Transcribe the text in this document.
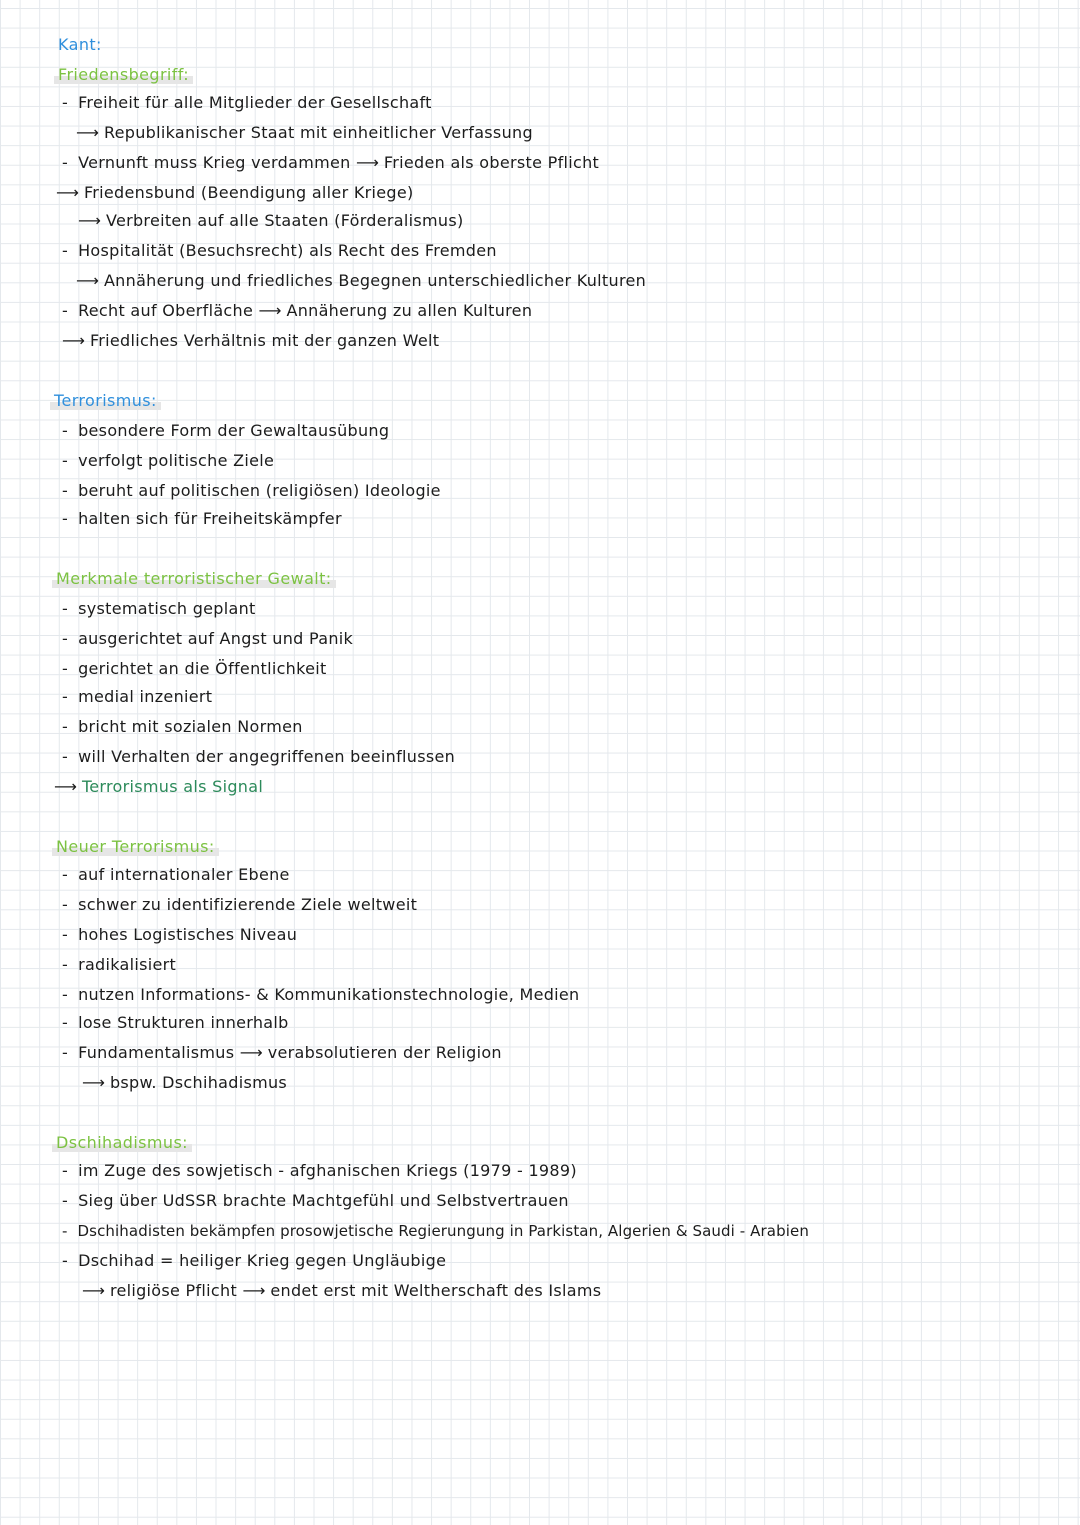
Kant:
Friedensbegriff:
- Freiheit für alle Mitglieder der Gesellschaft
⟶ Republikanischer Staat mit einheitlicher Verfassung
- Vernunft muss Krieg verdammen ⟶ Frieden als oberste Pflicht
⟶ Friedensbund (Beendigung aller Kriege)
⟶ Verbreiten auf alle Staaten (Förderalismus)
- Hospitalität (Besuchsrecht) als Recht des Fremden
⟶ Annäherung und friedliches Begegnen unterschiedlicher Kulturen
- Recht auf Oberfläche ⟶ Annäherung zu allen Kulturen
⟶ Friedliches Verhältnis mit der ganzen Welt
Terrorismus:
- besondere Form der Gewaltausübung
- verfolgt politische Ziele
- beruht auf politischen (religiösen) Ideologie
- halten sich für Freiheitskämpfer
Merkmale terroristischer Gewalt:
- systematisch geplant
- ausgerichtet auf Angst und Panik
- gerichtet an die Öffentlichkeit
- medial inzeniert
- bricht mit sozialen Normen
- will Verhalten der angegriffenen beeinflussen
⟶ Terrorismus als Signal
Neuer Terrorismus:
- auf internationaler Ebene
- schwer zu identifizierende Ziele weltweit
- hohes Logistisches Niveau
- radikalisiert
- nutzen Informations- & Kommunikationstechnologie, Medien
- lose Strukturen innerhalb
- Fundamentalismus ⟶ verabsolutieren der Religion
⟶ bspw. Dschihadismus
Dschihadismus:
- im Zuge des sowjetisch - afghanischen Kriegs (1979 - 1989)
- Sieg über UdSSR brachte Machtgefühl und Selbstvertrauen
- Dschihadisten bekämpfen prosowjetische Regierungung in Parkistan, Algerien & Saudi - Arabien
- Dschihad = heiliger Krieg gegen Ungläubige
⟶ religiöse Pflicht ⟶ endet erst mit Weltherschaft des Islams
